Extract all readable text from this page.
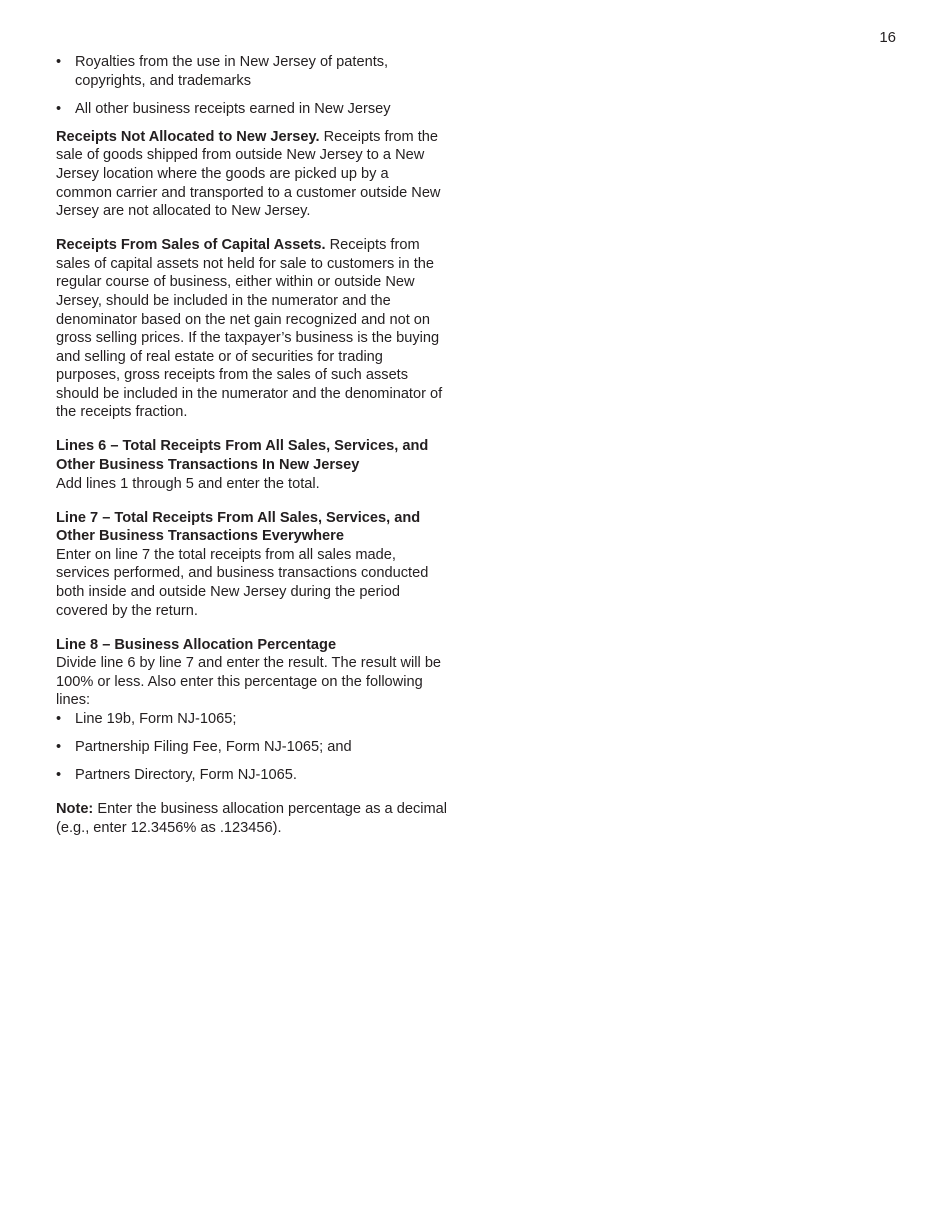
16
• Royalties from the use in New Jersey of patents, copyrights, and trademarks
• All other business receipts earned in New Jersey

Receipts Not Allocated to New Jersey. Receipts from the sale of goods shipped from outside New Jersey to a New Jersey location where the goods are picked up by a common carrier and transported to a customer outside New Jersey are not allocated to New Jersey.

Receipts From Sales of Capital Assets. Receipts from sales of capital assets not held for sale to customers in the regular course of business, either within or outside New Jersey, should be included in the numerator and the denominator based on the net gain recognized and not on gross selling prices. If the taxpayer’s business is the buying and selling of real estate or of securities for trading purposes, gross receipts from the sales of such assets should be included in the numerator and the denominator of the receipts fraction.

Lines 6 – Total Receipts From All Sales, Services, and Other Business Transactions In New Jersey

Add lines 1 through 5 and enter the total.

Line 7 – Total Receipts From All Sales, Services, and Other Business Transactions Everywhere

Enter on line 7 the total receipts from all sales made, services performed, and business transactions conducted both inside and outside New Jersey during the period covered by the return.

Line 8 – Business Allocation Percentage

Divide line 6 by line 7 and enter the result. The result will be 100% or less. Also enter this percentage on the following lines:

• Line 19b, Form NJ-1065;
• Partnership Filing Fee, Form NJ-1065; and
• Partners Directory, Form NJ-1065.

Note: Enter the business allocation percentage as a decimal (e.g., enter 12.3456% as .123456).
